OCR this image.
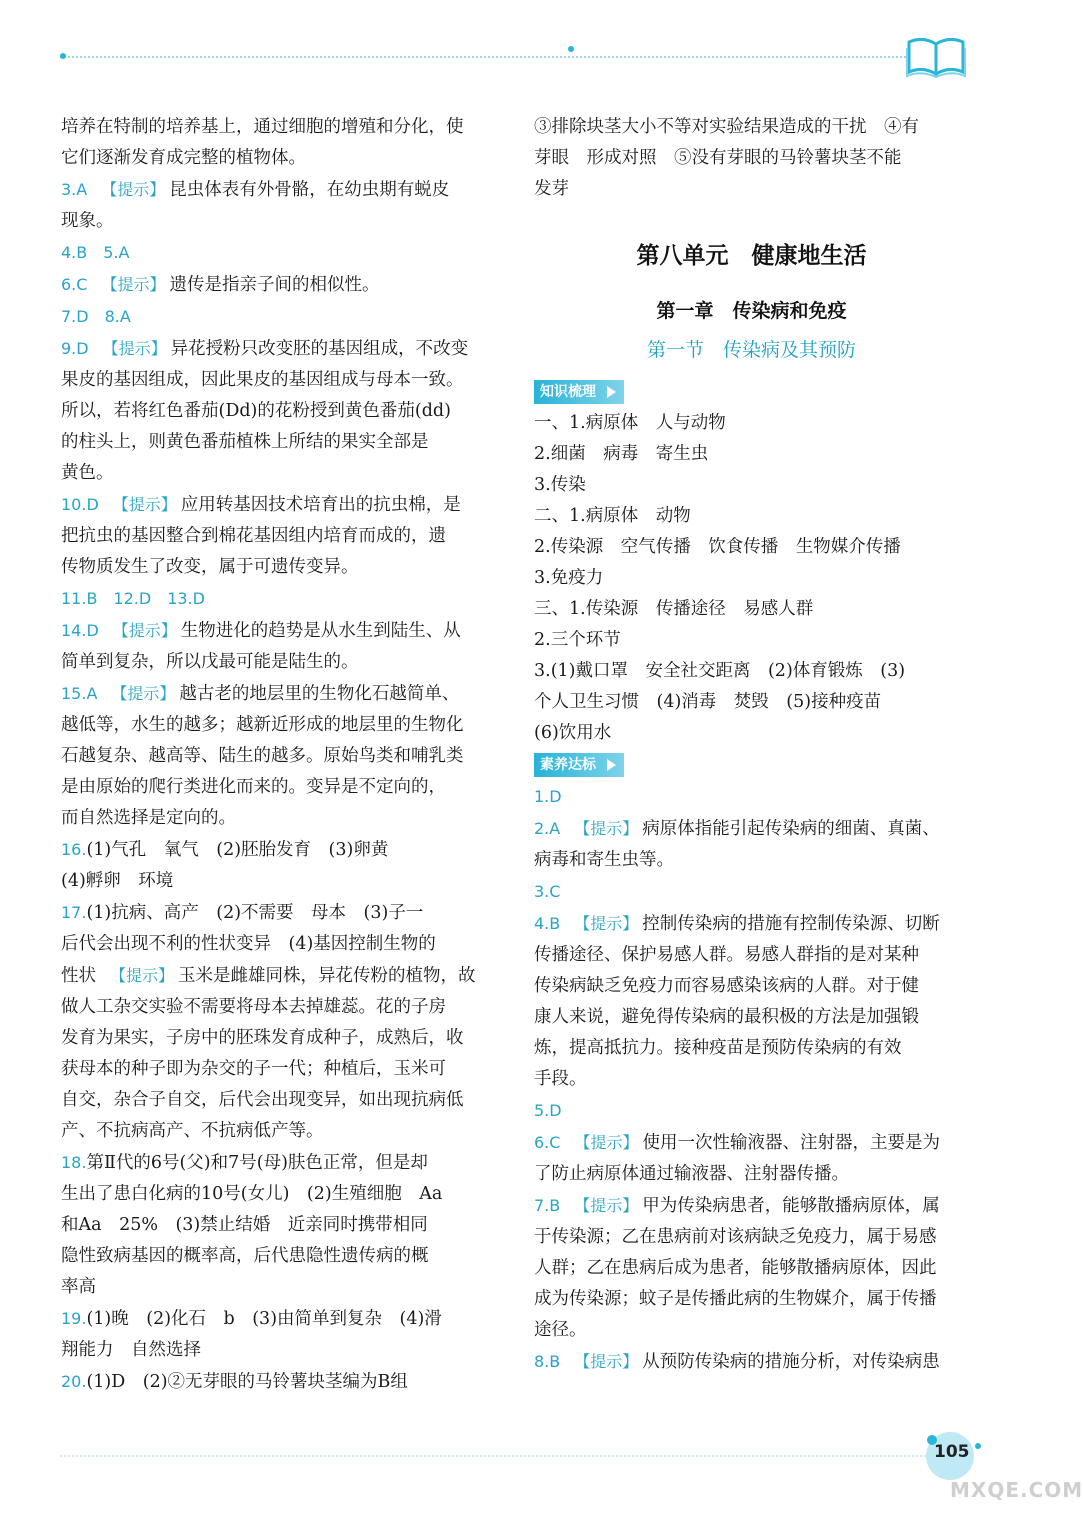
培养在特制的培养基上，通过细胞的增殖和分化，使

它们逐渐发育成完整的植物体。

3.A 【提示】 昆虫体表有外骨骼，在幼虫期有蜕皮

现象。

4.B　5.A

6.C 【提示】 遗传是指亲子间的相似性。

7.D　8.A

9.D 【提示】 异花授粉只改变胚的基因组成，不改变

果皮的基因组成，因此果皮的基因组成与母本一致。

所以，若将红色番茄(Dd)的花粉授到黄色番茄(dd)

的柱头上，则黄色番茄植株上所结的果实全部是

黄色。

10.D 【提示】 应用转基因技术培育出的抗虫棉，是

把抗虫的基因整合到棉花基因组内培育而成的，遗

传物质发生了改变，属于可遗传变异。

11.B　12.D　13.D

14.D 【提示】 生物进化的趋势是从水生到陆生、从

简单到复杂，所以戊最可能是陆生的。

15.A 【提示】 越古老的地层里的生物化石越简单、

越低等，水生的越多；越新近形成的地层里的生物化

石越复杂、越高等、陆生的越多。原始鸟类和哺乳类

是由原始的爬行类进化而来的。变异是不定向的，

而自然选择是定向的。

16.(1)气孔　氧气　(2)胚胎发育　(3)卵黄

(4)孵卵　环境

17.(1)抗病、高产　(2)不需要　母本　(3)子一

后代会出现不利的性状变异　(4)基因控制生物的

性状 【提示】 玉米是雌雄同株，异花传粉的植物，故

做人工杂交实验不需要将母本去掉雄蕊。花的子房

发育为果实，子房中的胚珠发育成种子，成熟后，收

获母本的种子即为杂交的子一代；种植后，玉米可

自交，杂合子自交，后代会出现变异，如出现抗病低

产、不抗病高产、不抗病低产等。

18.第Ⅱ代的6号(父)和7号(母)肤色正常，但是却

生出了患白化病的10号(女儿)　(2)生殖细胞　Aa

和Aa　25%　(3)禁止结婚　近亲同时携带相同

隐性致病基因的概率高，后代患隐性遗传病的概

率高

19.(1)晚　(2)化石　b　(3)由简单到复杂　(4)滑

翔能力　自然选择

20.(1)D　(2)②无芽眼的马铃薯块茎编为B组

③排除块茎大小不等对实验结果造成的干扰　④有

芽眼　形成对照　⑤没有芽眼的马铃薯块茎不能

发芽

第八单元　健康地生活
第一章　传染病和免疫
第一节　传染病及其预防
知识梳理

一、1.病原体　人与动物

2.细菌　病毒　寄生虫

3.传染

二、1.病原体　动物

2.传染源　空气传播　饮食传播　生物媒介传播

3.免疫力

三、1.传染源　传播途径　易感人群

2.三个环节

3.(1)戴口罩　安全社交距离　(2)体育锻炼　(3)

个人卫生习惯　(4)消毒　焚毁　(5)接种疫苗

(6)饮用水

素养达标

1.D

2.A 【提示】 病原体指能引起传染病的细菌、真菌、

病毒和寄生虫等。

3.C

4.B 【提示】 控制传染病的措施有控制传染源、切断

传播途径、保护易感人群。易感人群指的是对某种

传染病缺乏免疫力而容易感染该病的人群。对于健

康人来说，避免得传染病的最积极的方法是加强锻

炼，提高抵抗力。接种疫苗是预防传染病的有效

手段。

5.D

6.C 【提示】 使用一次性输液器、注射器，主要是为

了防止病原体通过输液器、注射器传播。

7.B 【提示】 甲为传染病患者，能够散播病原体，属

于传染源；乙在患病前对该病缺乏免疫力，属于易感

人群；乙在患病后成为患者，能够散播病原体，因此

成为传染源；蚊子是传播此病的生物媒介，属于传播

途径。

8.B 【提示】 从预防传染病的措施分析，对传染病患

105
MXQE.COM
